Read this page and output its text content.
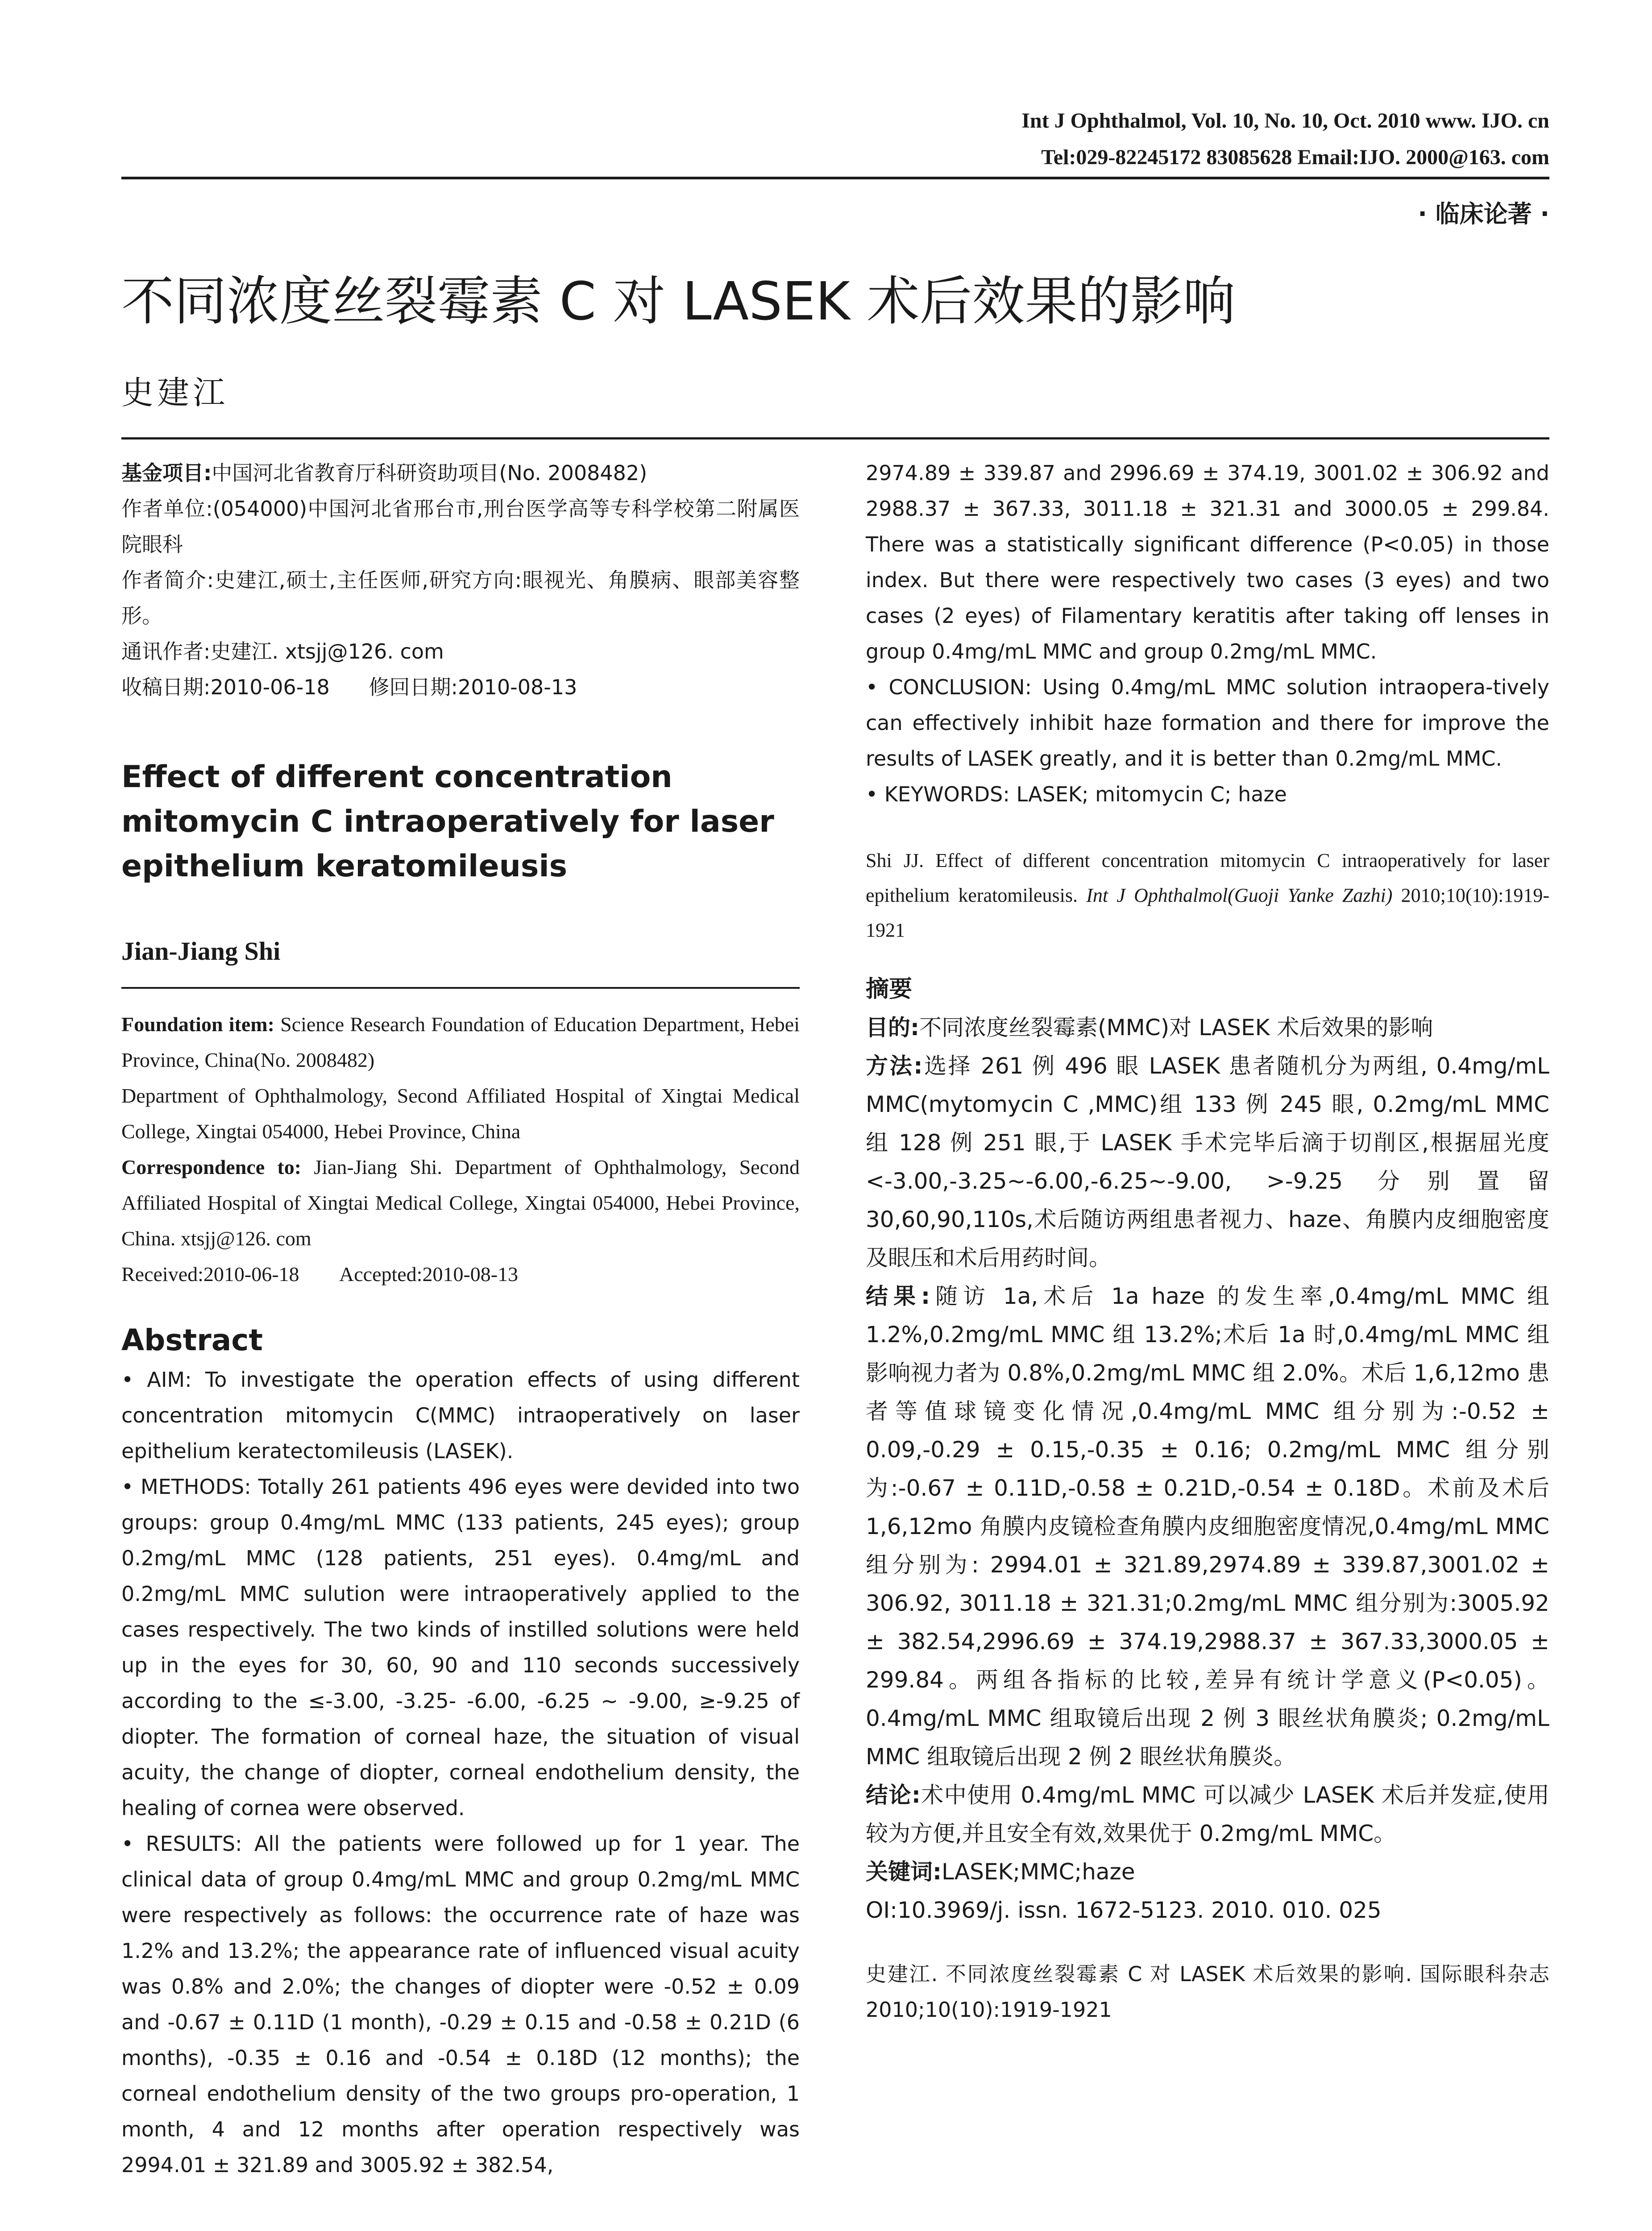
Int J Ophthalmol, Vol. 10, No. 10, Oct. 2010 www. IJO. cn
Tel:029-82245172 83085628 Email:IJO. 2000@163. com
· 临床论著 ·
不同浓度丝裂霉素 C 对 LASEK 术后效果的影响
史建江

基金项目:中国河北省教育厅科研资助项目(No. 2008482)

作者单位:(054000)中国河北省邢台市,刑台医学高等专科学校第二附属医院眼科

作者简介:史建江,硕士,主任医师,研究方向:眼视光、角膜病、眼部美容整形。

通讯作者:史建江. xtsjj@126. com

收稿日期:2010-06-18      修回日期:2010-08-13

Effect of different concentration mitomycin C intraoperatively for laser epithelium keratomileusis
Jian-Jiang Shi

Foundation item: Science Research Foundation of Education Department, Hebei Province, China(No. 2008482)

Department of Ophthalmology, Second Affiliated Hospital of Xingtai Medical College, Xingtai 054000, Hebei Province, China

Correspondence to: Jian-Jiang Shi. Department of Ophthalmology, Second Affiliated Hospital of Xingtai Medical College, Xingtai 054000, Hebei Province, China. xtsjj@126. com

Received:2010-06-18        Accepted:2010-08-13

Abstract

• AIM: To investigate the operation effects of using different concentration mitomycin C(MMC) intraoperatively on laser epithelium keratectomileusis (LASEK).

• METHODS: Totally 261 patients 496 eyes were devided into two groups: group 0.4mg/mL MMC (133 patients, 245 eyes); group 0.2mg/mL MMC (128 patients, 251 eyes). 0.4mg/mL and 0.2mg/mL MMC sulution were intraoperatively applied to the cases respectively. The two kinds of instilled solutions were held up in the eyes for 30, 60, 90 and 110 seconds successively according to the ≤-3.00, -3.25- -6.00, -6.25 ~ -9.00, ≥-9.25 of diopter. The formation of corneal haze, the situation of visual acuity, the change of diopter, corneal endothelium density, the healing of cornea were observed.

• RESULTS: All the patients were followed up for 1 year. The clinical data of group 0.4mg/mL MMC and group 0.2mg/mL MMC were respectively as follows: the occurrence rate of haze was 1.2% and 13.2%; the appearance rate of influenced visual acuity was 0.8% and 2.0%; the changes of diopter were -0.52 ± 0.09 and -0.67 ± 0.11D (1 month), -0.29 ± 0.15 and -0.58 ± 0.21D (6 months), -0.35 ± 0.16 and -0.54 ± 0.18D (12 months); the corneal endothelium density of the two groups pro-operation, 1 month, 4 and 12 months after operation respectively was 2994.01 ± 321.89 and 3005.92 ± 382.54,

2974.89 ± 339.87 and 2996.69 ± 374.19, 3001.02 ± 306.92 and 2988.37 ± 367.33, 3011.18 ± 321.31 and 3000.05 ± 299.84. There was a statistically significant difference (P<0.05) in those index. But there were respectively two cases (3 eyes) and two cases (2 eyes) of Filamentary keratitis after taking off lenses in group 0.4mg/mL MMC and group 0.2mg/mL MMC.

• CONCLUSION: Using 0.4mg/mL MMC solution intraopera-tively can effectively inhibit haze formation and there for improve the results of LASEK greatly, and it is better than 0.2mg/mL MMC.

• KEYWORDS: LASEK; mitomycin C; haze

Shi JJ. Effect of different concentration mitomycin C intraoperatively for laser epithelium keratomileusis. Int J Ophthalmol(Guoji Yanke Zazhi) 2010;10(10):1919-1921
摘要

目的:不同浓度丝裂霉素(MMC)对 LASEK 术后效果的影响

方法:选择 261 例 496 眼 LASEK 患者随机分为两组, 0.4mg/mL MMC(mytomycin C ,MMC)组 133 例 245 眼, 0.2mg/mL MMC 组 128 例 251 眼,于 LASEK 手术完毕后滴于切削区,根据屈光度<-3.00,-3.25~-6.00,-6.25~-9.00, >-9.25 分别置留 30,60,90,110s,术后随访两组患者视力、haze、角膜内皮细胞密度及眼压和术后用药时间。

结果:随访 1a,术后 1a haze 的发生率,0.4mg/mL MMC 组 1.2%,0.2mg/mL MMC 组 13.2%;术后 1a 时,0.4mg/mL MMC 组影响视力者为 0.8%,0.2mg/mL MMC 组 2.0%。术后 1,6,12mo 患者等值球镜变化情况,0.4mg/mL MMC 组分别为:-0.52 ± 0.09,-0.29 ± 0.15,-0.35 ± 0.16; 0.2mg/mL MMC 组分别为:-0.67 ± 0.11D,-0.58 ± 0.21D,-0.54 ± 0.18D。术前及术后 1,6,12mo 角膜内皮镜检查角膜内皮细胞密度情况,0.4mg/mL MMC 组分别为: 2994.01 ± 321.89,2974.89 ± 339.87,3001.02 ± 306.92, 3011.18 ± 321.31;0.2mg/mL MMC 组分别为:3005.92 ± 382.54,2996.69 ± 374.19,2988.37 ± 367.33,3000.05 ± 299.84。两组各指标的比较,差异有统计学意义(P<0.05)。 0.4mg/mL MMC 组取镜后出现 2 例 3 眼丝状角膜炎; 0.2mg/mL MMC 组取镜后出现 2 例 2 眼丝状角膜炎。

结论:术中使用 0.4mg/mL MMC 可以减少 LASEK 术后并发症,使用较为方便,并且安全有效,效果优于 0.2mg/mL MMC。

关键词:LASEK;MMC;haze

OI:10.3969/j. issn. 1672-5123. 2010. 010. 025

史建江. 不同浓度丝裂霉素 C 对 LASEK 术后效果的影响. 国际眼科杂志 2010;10(10):1919-1921
